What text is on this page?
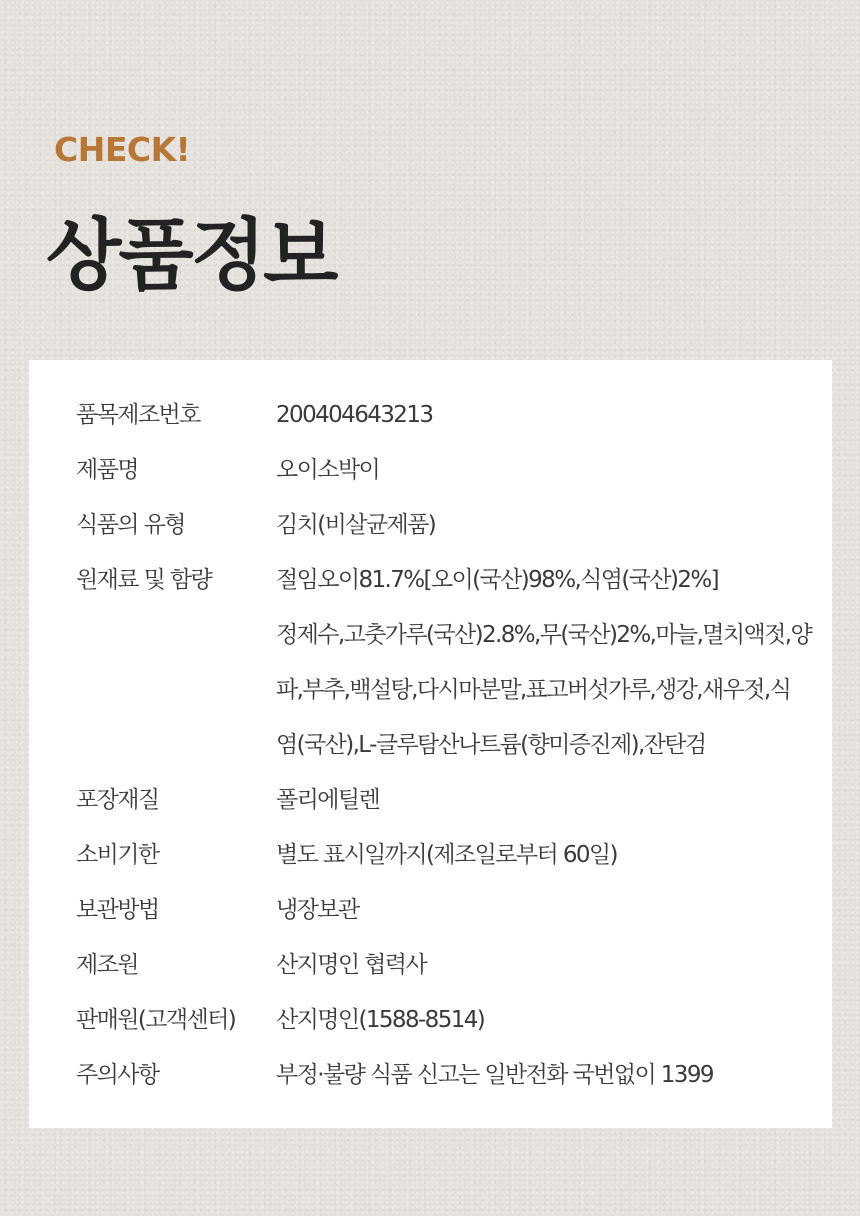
CHECK!
상품정보
품목제조번호	200404643213
제품명	오이소박이
식품의 유형	김치(비살균제품)
원재료 및 함량	절임오이81.7%[오이(국산)98%,식염(국산)2%]
정제수,고춧가루(국산)2.8%,무(국산)2%,마늘,멸치액젓,양
파,부추,백설탕,다시마분말,표고버섯가루,생강,새우젓,식
염(국산),L-글루탐산나트륨(향미증진제),잔탄검
포장재질	폴리에틸렌
소비기한	별도 표시일까지(제조일로부터 60일)
보관방법	냉장보관
제조원	산지명인 협력사
판매원(고객센터)	산지명인(1588-8514)
주의사항	부정·불량 식품 신고는 일반전화 국번없이 1399
